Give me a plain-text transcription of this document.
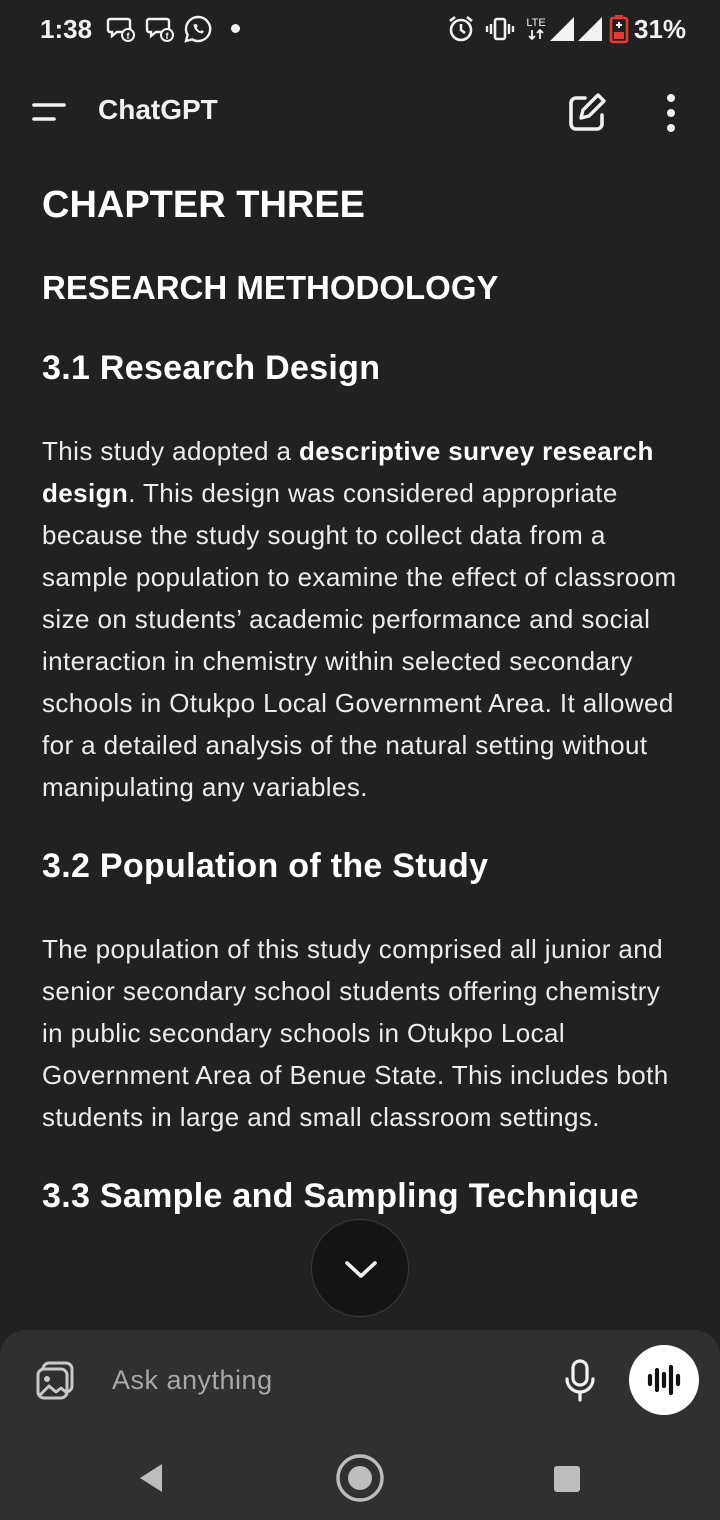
1:38	f	f
LTE	31%
ChatGPT
CHAPTER THREE
RESEARCH METHODOLOGY
3.1 Research Design

This study adopted a descriptive survey research design. This design was considered appropriate because the study sought to collect data from a sample population to examine the effect of classroom size on students’ academic performance and social interaction in chemistry within selected secondary schools in Otukpo Local Government Area. It allowed for a detailed analysis of the natural setting without manipulating any variables.

3.2 Population of the Study

The population of this study comprised all junior and senior secondary school students offering chemistry in public secondary schools in Otukpo Local Government Area of Benue State. This includes both students in large and small classroom settings.

3.3 Sample and Sampling Technique
Ask anything
